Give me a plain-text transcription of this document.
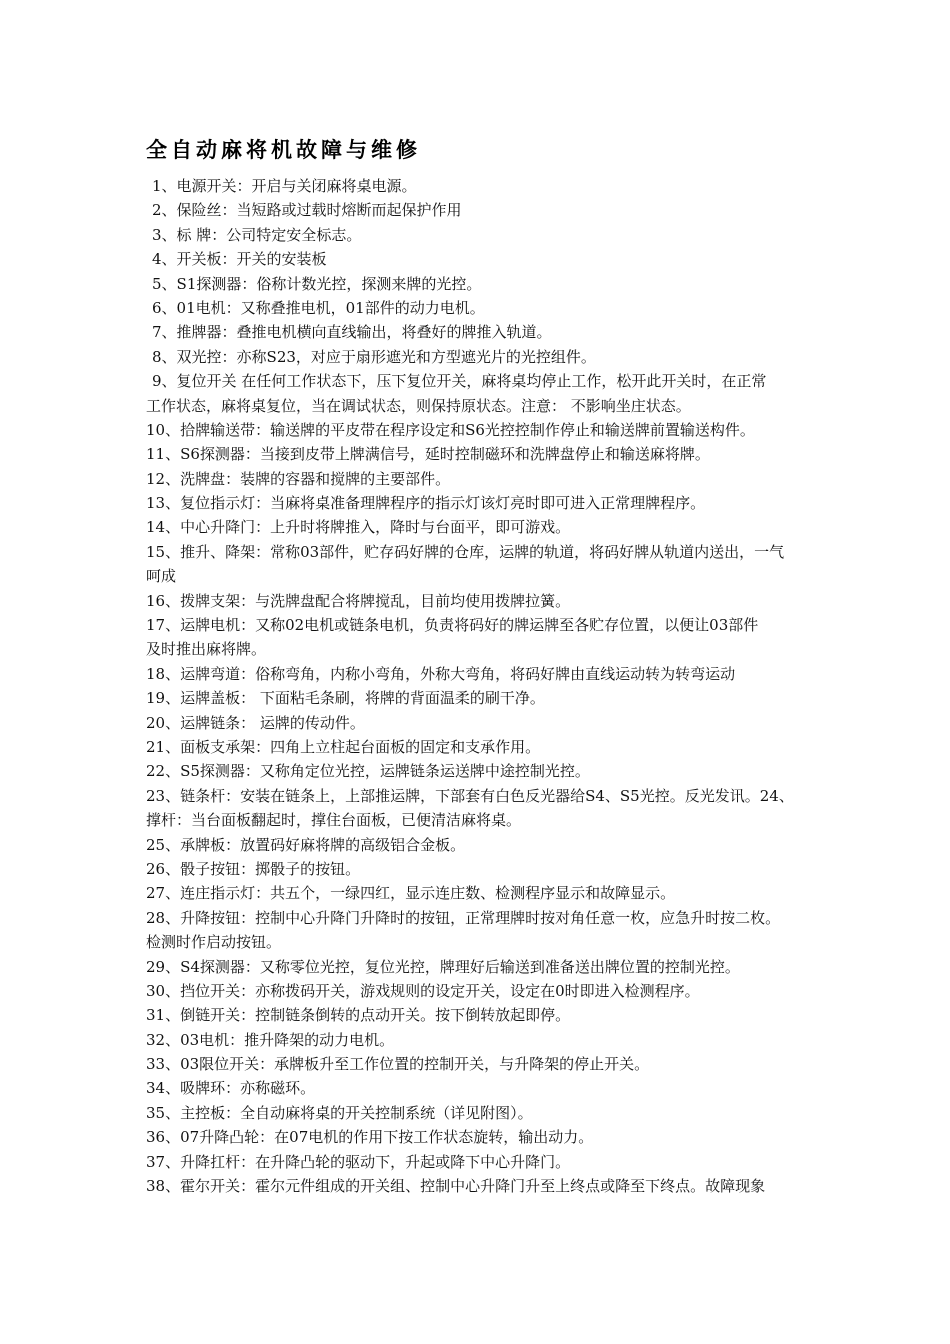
全自动麻将机故障与维修
1、电源开关：开启与关闭麻将桌电源。
2、保险丝：当短路或过载时熔断而起保护作用
3、标 牌：公司特定安全标志。
4、开关板：开关的安装板
5、S1探测器：俗称计数光控，探测来牌的光控。
6、01电机：又称叠推电机，01部件的动力电机。
7、推牌器：叠推电机横向直线输出，将叠好的牌推入轨道。
8、双光控：亦称S23，对应于扇形遮光和方型遮光片的光控组件。
9、复位开关 在任何工作状态下，压下复位开关，麻将桌均停止工作，松开此开关时，在正常
工作状态，麻将桌复位，当在调试状态，则保持原状态。注意： 不影响坐庄状态。
10、拾牌输送带：输送牌的平皮带在程序设定和S6光控控制作停止和输送牌前置输送构件。
11、S6探测器：当接到皮带上牌满信号，延时控制磁环和洗牌盘停止和输送麻将牌。
12、洗牌盘：装牌的容器和搅牌的主要部件。
13、复位指示灯：当麻将桌准备理牌程序的指示灯该灯亮时即可进入正常理牌程序。
14、中心升降门：上升时将牌推入，降时与台面平，即可游戏。
15、推升、降架：常称03部件，贮存码好牌的仓库，运牌的轨道，将码好牌从轨道内送出，一气
呵成
16、拨牌支架：与洗牌盘配合将牌搅乱，目前均使用拨牌拉簧。
17、运牌电机：又称02电机或链条电机，负责将码好的牌运牌至各贮存位置，以便让03部件
及时推出麻将牌。
18、运牌弯道：俗称弯角，内称小弯角，外称大弯角，将码好牌由直线运动转为转弯运动
19、运牌盖板： 下面粘毛条刷，将牌的背面温柔的刷干净。
20、运牌链条： 运牌的传动件。
21、面板支承架：四角上立柱起台面板的固定和支承作用。
22、S5探测器：又称角定位光控，运牌链条运送牌中途控制光控。
23、链条杆：安装在链条上，上部推运牌，下部套有白色反光器给S4、S5光控。反光发讯。24、
撑杆：当台面板翻起时，撑住台面板，已便清洁麻将桌。
25、承牌板：放置码好麻将牌的高级铝合金板。
26、骰子按钮：掷骰子的按钮。
27、连庄指示灯：共五个，一绿四红，显示连庄数、检测程序显示和故障显示。
28、升降按钮：控制中心升降门升降时的按钮，正常理牌时按对角任意一枚，应急升时按二枚。
检测时作启动按钮。
29、S4探测器：又称零位光控，复位光控，牌理好后输送到准备送出牌位置的控制光控。
30、挡位开关：亦称拨码开关，游戏规则的设定开关，设定在0时即进入检测程序。
31、倒链开关：控制链条倒转的点动开关。按下倒转放起即停。
32、03电机：推升降架的动力电机。
33、03限位开关：承牌板升至工作位置的控制开关，与升降架的停止开关。
34、吸牌环：亦称磁环。
35、主控板：全自动麻将桌的开关控制系统（详见附图）。
36、07升降凸轮：在07电机的作用下按工作状态旋转，输出动力。
37、升降扛杆：在升降凸轮的驱动下，升起或降下中心升降门。
38、霍尔开关：霍尔元件组成的开关组、控制中心升降门升至上终点或降至下终点。故障现象
